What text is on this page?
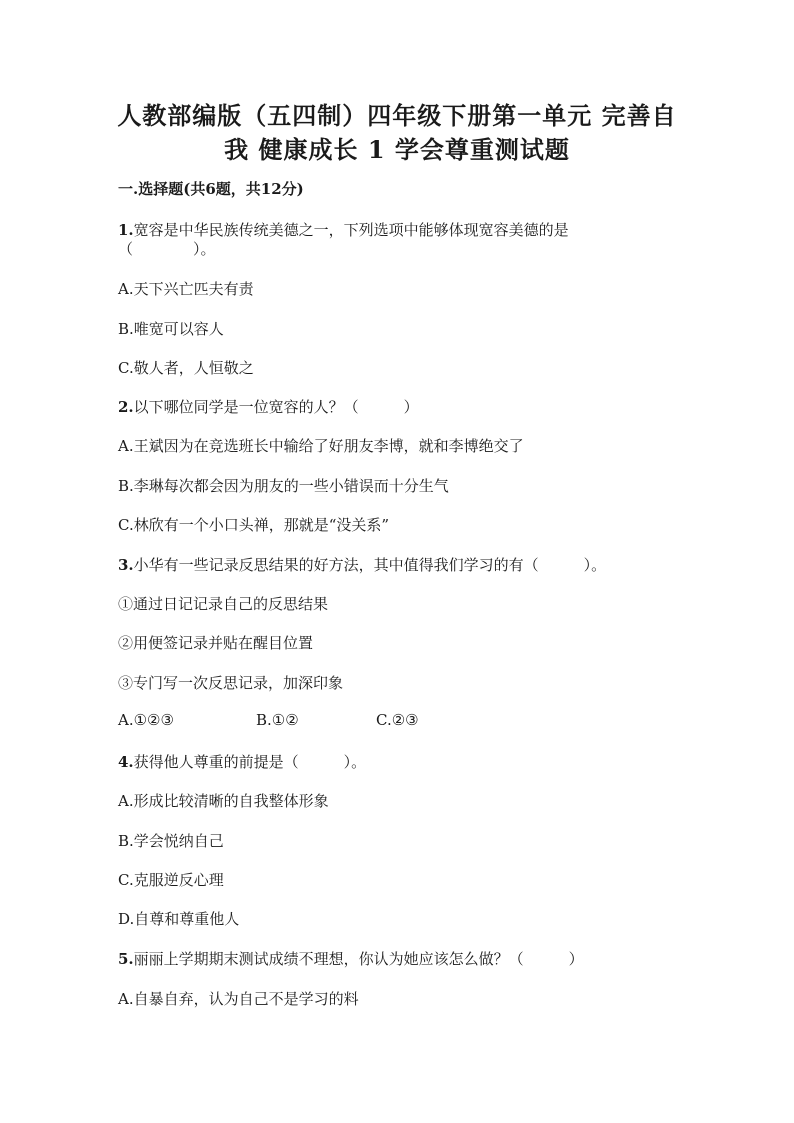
人教部编版（五四制）四年级下册第一单元 完善自
我 健康成长 1 学会尊重测试题
一.选择题(共6题，共12分)
1.宽容是中华民族传统美德之一，下列选项中能够体现宽容美德的是
（　　　　）。
A.天下兴亡匹夫有责
B.唯宽可以容人
C.敬人者，人恒敬之
2.以下哪位同学是一位宽容的人？（　　　）
A.王斌因为在竞选班长中输给了好朋友李博，就和李博绝交了
B.李琳每次都会因为朋友的一些小错误而十分生气
C.林欣有一个小口头禅，那就是“没关系”
3.小华有一些记录反思结果的好方法，其中值得我们学习的有（　　　）。
①通过日记记录自己的反思结果
②用便签记录并贴在醒目位置
③专门写一次反思记录，加深印象
A.①②③	B.①②	C.②③
4.获得他人尊重的前提是（　　　）。
A.形成比较清晰的自我整体形象
B.学会悦纳自己
C.克服逆反心理
D.自尊和尊重他人
5.丽丽上学期期末测试成绩不理想，你认为她应该怎么做？（　　　）
A.自暴自弃，认为自己不是学习的料
